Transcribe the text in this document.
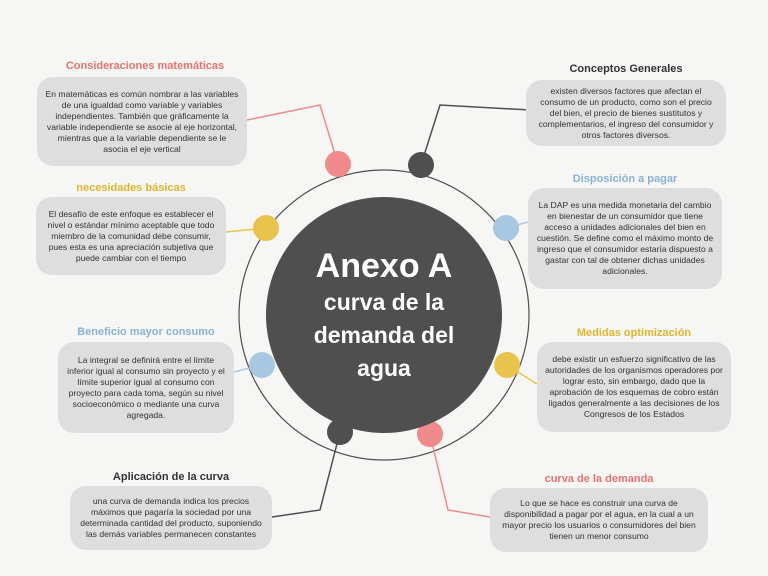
Anexo A
curva de la demanda del agua
Consideraciones matemáticas
En matemáticas es común nombrar a las variables de una igualdad como variable y variables independientes. También que gráficamente la variable independiente se asocie al eje horizontal, mientras que a la variable dependiente se le asocia el eje vertical
Conceptos Generales
existen diversos factores que afectan el consumo de un producto, como son el precio del bien, el precio de bienes sustitutos y complementarios, el ingreso del consumidor y otros factores diversos.
necesidades básicas
El desafío de este enfoque es establecer el nivel o estándar mínimo aceptable que todo miembro de la comunidad debe consumir, pues esta es una apreciación subjetiva que puede cambiar con el tiempo
Disposición a pagar
La DAP es una medida monetaria del cambio en bienestar de un consumidor que tiene acceso a unidades adicionales del bien en cuestión. Se define como el máximo monto de ingreso que el consumidor estaría dispuesto a gastar con tal de obtener dichas unidades adicionales.
Beneficio mayor consumo
La integral se definirá entre el límite inferior igual al consumo sin proyecto y el límite superior igual al consumo con proyecto para cada toma, según su nivel socioeconómico o mediante una curva agregada.
Medidas optimización
debe existir un esfuerzo significativo de las autoridades de los organismos operadores por lograr esto, sin embargo, dado que la aprobación de los esquemas de cobro están ligados generalmente a las decisiones de los Congresos de los Estados
Aplicación de la curva
una curva de demanda indica los precios máximos que pagaría la sociedad por una determinada cantidad del producto, suponiendo las demás variables permanecen constantes
curva de la demanda
Lo que se hace es construir una curva de disponibilidad a pagar por el agua, en la cual a un mayor precio los usuarios o consumidores del bien tienen un menor consumo
